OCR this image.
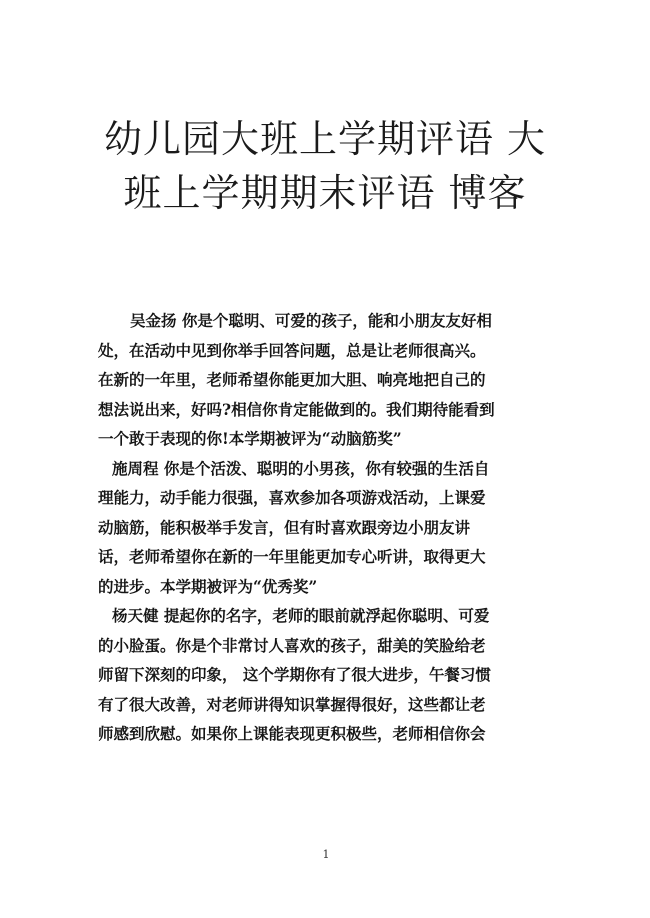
幼儿园大班上学期评语 大
班上学期期末评语 博客
吴金扬 你是个聪明、可爱的孩子，能和小朋友友好相
处，在活动中见到你举手回答问题，总是让老师很高兴。
在新的一年里，老师希望你能更加大胆、响亮地把自己的
想法说出来，好吗?相信你肯定能做到的。我们期待能看到
一个敢于表现的你!本学期被评为“动脑筋奖”
施周程 你是个活泼、聪明的小男孩，你有较强的生活自
理能力，动手能力很强，喜欢参加各项游戏活动，上课爱
动脑筋，能积极举手发言，但有时喜欢跟旁边小朋友讲
话，老师希望你在新的一年里能更加专心听讲，取得更大
的进步。本学期被评为“优秀奖”
杨天健 提起你的名字，老师的眼前就浮起你聪明、可爱
的小脸蛋。你是个非常讨人喜欢的孩子，甜美的笑脸给老
师留下深刻的印象， 这个学期你有了很大进步，午餐习惯
有了很大改善，对老师讲得知识掌握得很好，这些都让老
师感到欣慰。如果你上课能表现更积极些，老师相信你会
1
